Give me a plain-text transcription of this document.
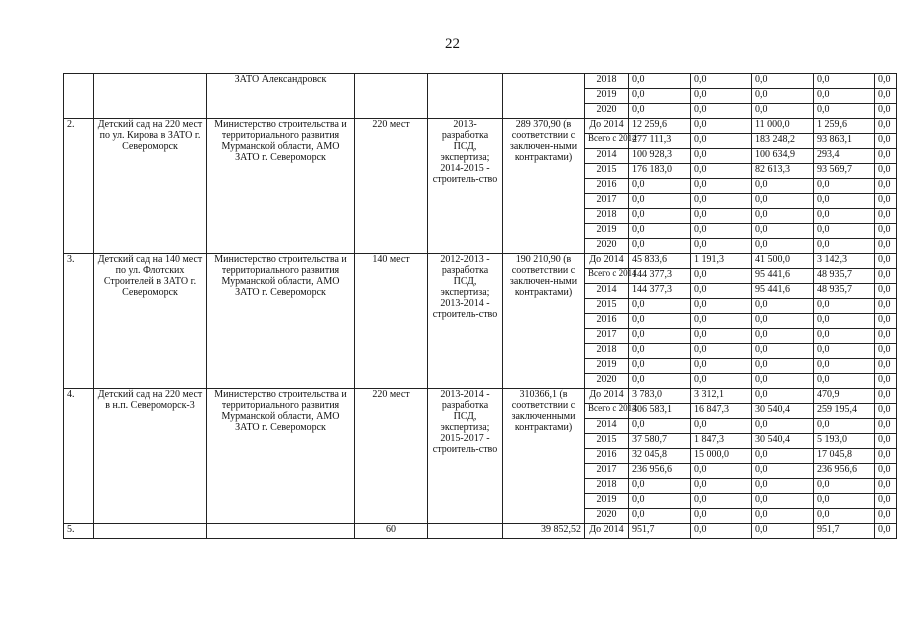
22
		ЗАТО Александровск				2018	0,0	0,0	0,0	0,0	0,0
						2019	0,0	0,0	0,0	0,0	0,0
						2020	0,0	0,0	0,0	0,0	0,0
2.	Детский сад на 220 мест по ул. Кирова в ЗАТО г. Североморск	Министерство строительства и территориального развития Мурманской области, АМО ЗАТО г. Североморск	220 мест	2013- разработка ПСД, экспертиза; 2014-2015 - строитель-ство	289 370,90 (в соответствии с заключен-ными контрактами)	До 2014	12 259,6	0,0	11 000,0	1 259,6	0,0
						Всего с 2014	277 111,3	0,0	183 248,2	93 863,1	0,0
						2014	100 928,3	0,0	100 634,9	293,4	0,0
						2015	176 183,0	0,0	82 613,3	93 569,7	0,0
						2016	0,0	0,0	0,0	0,0	0,0
						2017	0,0	0,0	0,0	0,0	0,0
						2018	0,0	0,0	0,0	0,0	0,0
						2019	0,0	0,0	0,0	0,0	0,0
						2020	0,0	0,0	0,0	0,0	0,0
3.	Детский сад на 140 мест по ул. Флотских Строителей в ЗАТО г. Североморск	Министерство строительства и территориального развития Мурманской области, АМО ЗАТО г. Североморск	140 мест	2012-2013 - разработка ПСД, экспертиза; 2013-2014 - строитель-ство	190 210,90 (в соответствии с заключен-ными контрактами)	До 2014	45 833,6	1 191,3	41 500,0	3 142,3	0,0
						Всего с 2014	144 377,3	0,0	95 441,6	48 935,7	0,0
						2014	144 377,3	0,0	95 441,6	48 935,7	0,0
						2015	0,0	0,0	0,0	0,0	0,0
						2016	0,0	0,0	0,0	0,0	0,0
						2017	0,0	0,0	0,0	0,0	0,0
						2018	0,0	0,0	0,0	0,0	0,0
						2019	0,0	0,0	0,0	0,0	0,0
						2020	0,0	0,0	0,0	0,0	0,0
4.	Детский сад на 220 мест в н.п. Североморск-3	Министерство строительства и территориального развития Мурманской области, АМО ЗАТО г. Североморск	220 мест	2013-2014 - разработка ПСД, экспертиза; 2015-2017 - строитель-ство	310366,1 (в соответствии с заключенными контрактами)	До 2014	3 783,0	3 312,1	0,0	470,9	0,0
						Всего с 2014	306 583,1	16 847,3	30 540,4	259 195,4	0,0
						2014	0,0	0,0	0,0	0,0	0,0
						2015	37 580,7	1 847,3	30 540,4	5 193,0	0,0
						2016	32 045,8	15 000,0	0,0	17 045,8	0,0
						2017	236 956,6	0,0	0,0	236 956,6	0,0
						2018	0,0	0,0	0,0	0,0	0,0
						2019	0,0	0,0	0,0	0,0	0,0
						2020	0,0	0,0	0,0	0,0	0,0
5.			60		39 852,52	До 2014	951,7	0,0	0,0	951,7	0,0
